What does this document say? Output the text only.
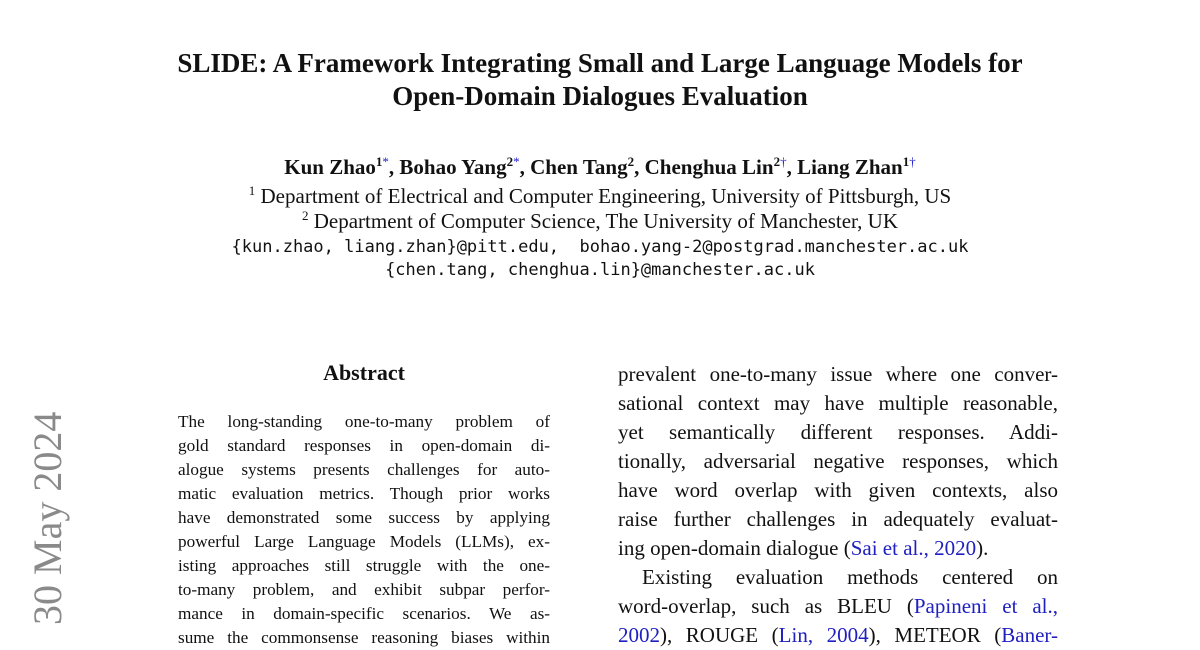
SLIDE: A Framework Integrating Small and Large Language Models for
Open-Domain Dialogues Evaluation
Kun Zhao$^{1*}$, Bohao Yang$^{2*}$, Chen Tang$^2$, Chenghua Lin$^{2\dagger}$, Liang Zhan$^{1\dagger}$
$^1$ Department of Electrical and Computer Engineering, University of Pittsburgh, US
$^2$ Department of Computer Science, The University of Manchester, UK
{kun.zhao, liang.zhan}@pitt.edu,  bohao.yang-2@postgrad.manchester.ac.uk
{chen.tang, chenghua.lin}@manchester.ac.uk
30 May 2024
Abstract
The long-standing one-to-many problem of
gold standard responses in open-domain di-
alogue systems presents challenges for auto-
matic evaluation metrics. Though prior works
have demonstrated some success by applying
powerful Large Language Models (LLMs), ex-
isting approaches still struggle with the one-
to-many problem, and exhibit subpar perfor-
mance in domain-specific scenarios. We as-
sume the commonsense reasoning biases within
prevalent one-to-many issue where one conver-
sational context may have multiple reasonable,
yet semantically different responses. Addi-
tionally, adversarial negative responses, which
have word overlap with given contexts, also
raise further challenges in adequately evaluat-
ing open-domain dialogue (Sai et al., 2020).
Existing evaluation methods centered on
word-overlap, such as BLEU (Papineni et al.,
2002), ROUGE (Lin, 2004), METEOR (Baner-
